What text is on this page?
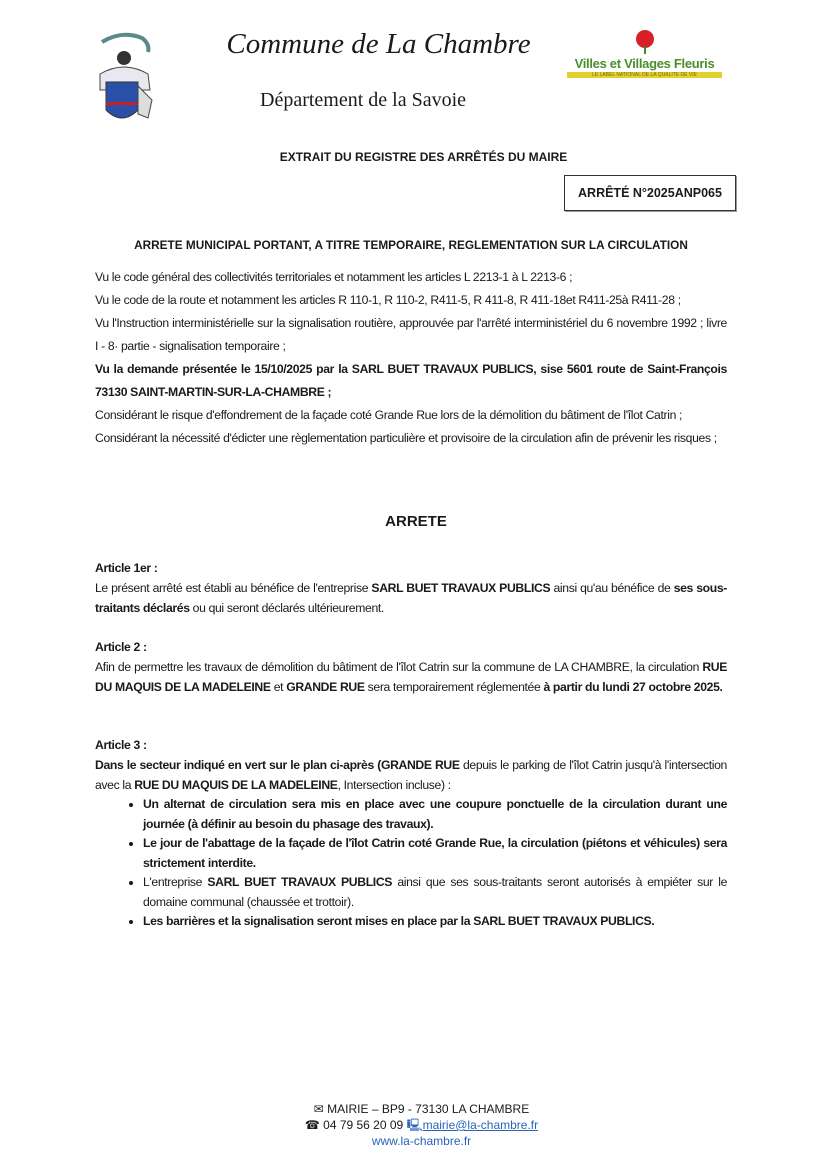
Commune de La Chambre
Département de la Savoie
Villes et Villages Fleuris
LE LABEL NATIONAL DE LA QUALITÉ DE VIE
EXTRAIT DU REGISTRE DES ARRÊTÉS DU MAIRE
ARRÊTÉ N°2025ANP065
ARRETE MUNICIPAL PORTANT, A TITRE TEMPORAIRE, REGLEMENTATION SUR LA CIRCULATION

Vu le code général des collectivités territoriales et notamment les articles L 2213-1 à L 2213-6 ;

Vu le code de la route et notamment les articles R 110-1, R 110-2, R411-5, R 411-8, R 411-18et R411-25à R411-28 ;

Vu l'Instruction interministérielle sur la signalisation routière, approuvée par l'arrêté interministériel du 6 novembre 1992 ; livre I - 8· partie - signalisation temporaire ;

Vu la demande présentée le 15/10/2025 par la SARL BUET TRAVAUX PUBLICS, sise 5601 route de Saint-François 73130 SAINT-MARTIN-SUR-LA-CHAMBRE ;

Considérant le risque d'effondrement de la façade coté Grande Rue lors de la démolition du bâtiment de l'îlot Catrin ;

Considérant la nécessité d'édicter une règlementation particulière et provisoire de la circulation afin de prévenir les risques ;

ARRETE

Article 1er :

Le présent arrêté est établi au bénéfice de l'entreprise SARL BUET TRAVAUX PUBLICS ainsi qu'au bénéfice de ses sous-traitants déclarés ou qui seront déclarés ultérieurement.

Article 2 :

Afin de permettre les travaux de démolition du bâtiment de l'îlot Catrin sur la commune de LA CHAMBRE, la circulation RUE DU MAQUIS DE LA MADELEINE et GRANDE RUE sera temporairement réglementée à partir du lundi 27 octobre 2025.

Article 3 :

Dans le secteur indiqué en vert sur le plan ci-après (GRANDE RUE depuis le parking de l'îlot Catrin jusqu'à l'intersection avec la RUE DU MAQUIS DE LA MADELEINE, Intersection incluse) :

• Un alternat de circulation sera mis en place avec une coupure ponctuelle de la circulation durant une journée (à définir au besoin du phasage des travaux).
• Le jour de l'abattage de la façade de l'îlot Catrin coté Grande Rue, la circulation (piétons et véhicules) sera strictement interdite.
• L'entreprise SARL BUET TRAVAUX PUBLICS ainsi que ses sous-traitants seront autorisés à empiéter sur le domaine communal (chaussée et trottoir).
• Les barrières et la signalisation seront mises en place par la SARL BUET TRAVAUX PUBLICS.
✉ MAIRIE – BP9 - 73130 LA CHAMBRE
☎ 04 79 56 20 09 🖳mairie@la-chambre.fr
www.la-chambre.fr
